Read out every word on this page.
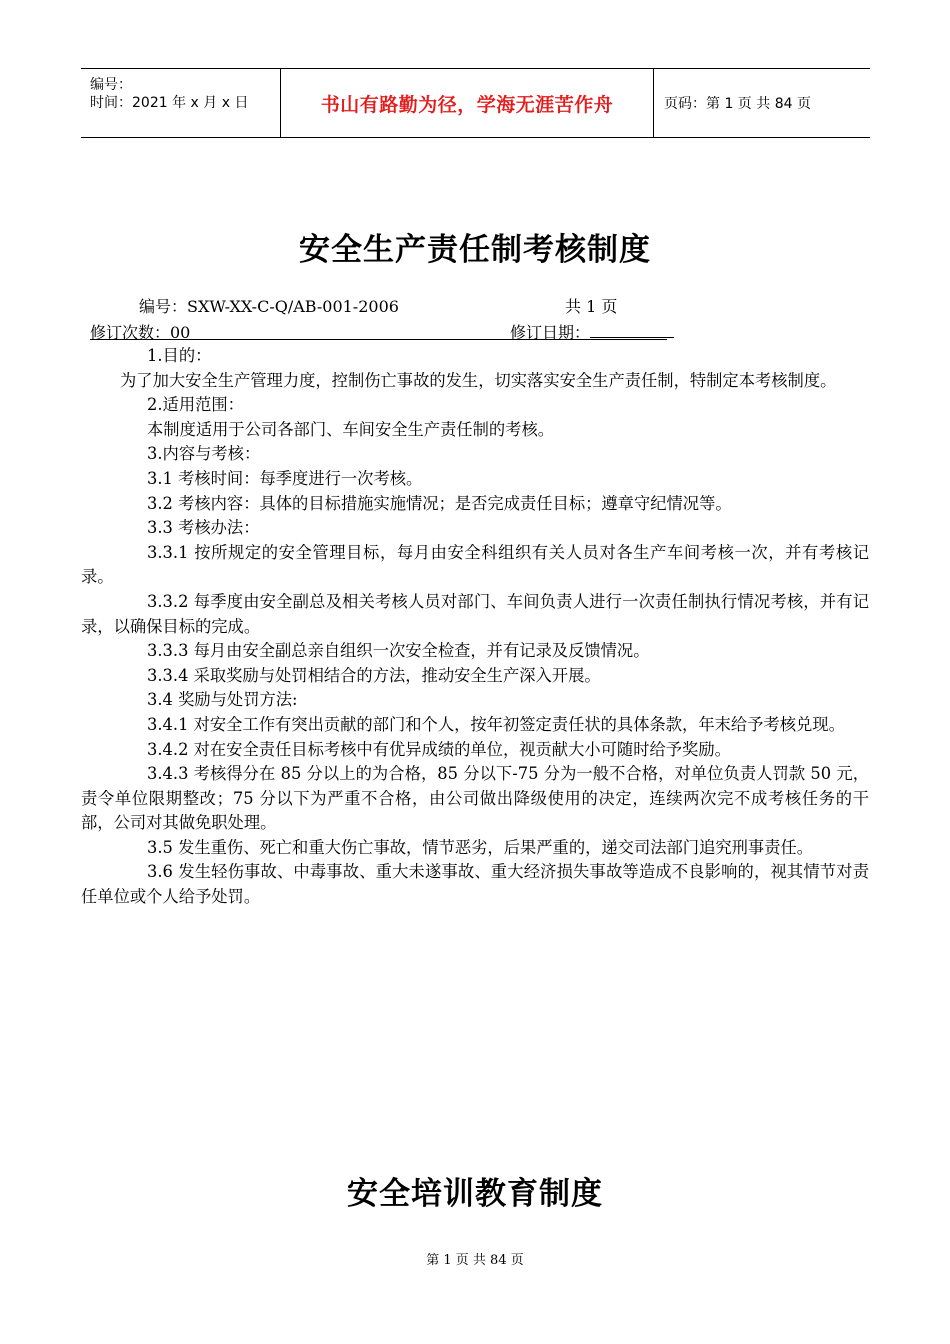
编号：
时间：2021 年 x 月 x 日	书山有路勤为径，学海无涯苦作舟	页码：第 1 页 共 84 页
安全生产责任制考核制度
编号：SXW-XX-C-Q/AB-001-2006	共 1 页
修订次数：00	修订日期：

1.目的：

为了加大安全生产管理力度，控制伤亡事故的发生，切实落实安全生产责任制，特制定本考核制度。

2.适用范围：

本制度适用于公司各部门、车间安全生产责任制的考核。

3.内容与考核：

3.1 考核时间：每季度进行一次考核。

3.2 考核内容：具体的目标措施实施情况；是否完成责任目标；遵章守纪情况等。

3.3 考核办法：

3.3.1 按所规定的安全管理目标，每月由安全科组织有关人员对各生产车间考核一次，并有考核记录。

3.3.2 每季度由安全副总及相关考核人员对部门、车间负责人进行一次责任制执行情况考核，并有记录，以确保目标的完成。

3.3.3 每月由安全副总亲自组织一次安全检查，并有记录及反馈情况。

3.3.4 采取奖励与处罚相结合的方法，推动安全生产深入开展。

3.4 奖励与处罚方法:

3.4.1 对安全工作有突出贡献的部门和个人，按年初签定责任状的具体条款，年末给予考核兑现。

3.4.2 对在安全责任目标考核中有优异成绩的单位，视贡献大小可随时给予奖励。

3.4.3 考核得分在 85 分以上的为合格，85 分以下-75 分为一般不合格，对单位负责人罚款 50 元，责令单位限期整改；75 分以下为严重不合格，由公司做出降级使用的决定，连续两次完不成考核任务的干部，公司对其做免职处理。

3.5 发生重伤、死亡和重大伤亡事故，情节恶劣，后果严重的，递交司法部门追究刑事责任。

3.6 发生轻伤事故、中毒事故、重大未遂事故、重大经济损失事故等造成不良影响的，视其情节对责任单位或个人给予处罚。

安全培训教育制度
第 1 页 共 84 页
